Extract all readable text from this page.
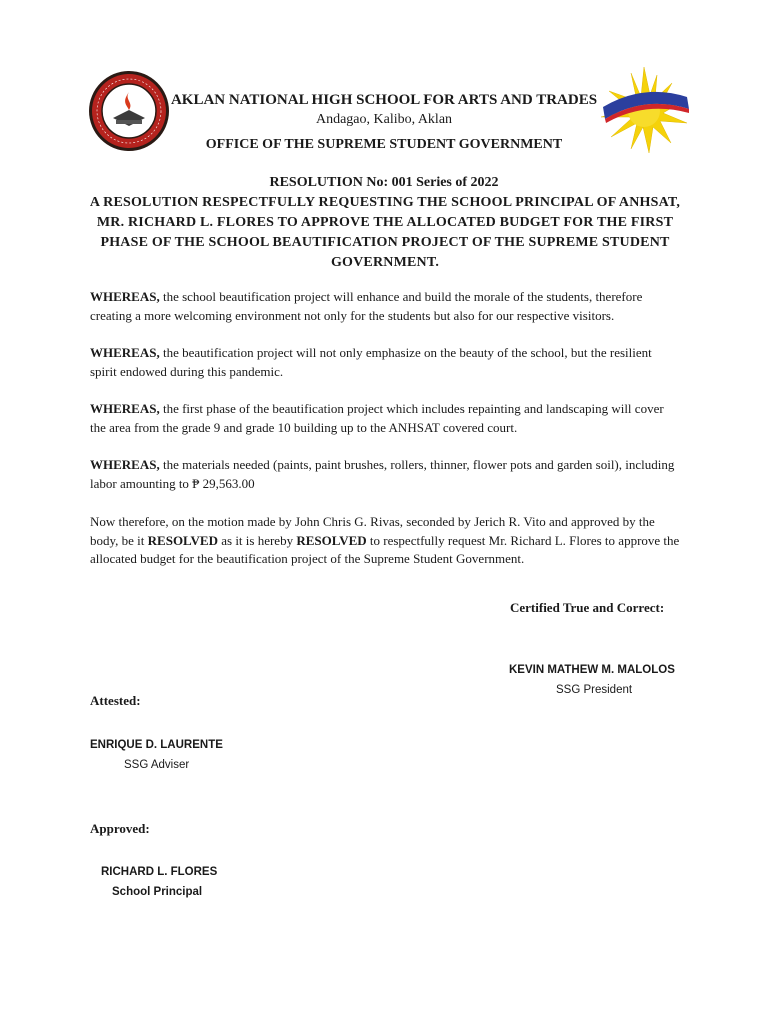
AKLAN NATIONAL HIGH SCHOOL FOR ARTS AND TRADES
Andagao, Kalibo, Aklan
OFFICE OF THE SUPREME STUDENT GOVERNMENT
RESOLUTION No: 001 Series of 2022
A RESOLUTION RESPECTFULLY REQUESTING THE SCHOOL PRINCIPAL OF ANHSAT, MR. RICHARD L. FLORES TO APPROVE THE ALLOCATED BUDGET FOR THE FIRST PHASE OF THE SCHOOL BEAUTIFICATION PROJECT OF THE SUPREME STUDENT GOVERNMENT.
WHEREAS, the school beautification project will enhance and build the morale of the students, therefore creating a more welcoming environment not only for the students but also for our respective visitors.
WHEREAS, the beautification project will not only emphasize on the beauty of the school, but the resilient spirit endowed during this pandemic.
WHEREAS, the first phase of the beautification project which includes repainting and landscaping will cover the area from the grade 9 and grade 10 building up to the ANHSAT covered court.
WHEREAS, the materials needed (paints, paint brushes, rollers, thinner, flower pots and garden soil), including labor amounting to ₱ 29,563.00
Now therefore, on the motion made by John Chris G. Rivas, seconded by Jerich R. Vito and approved by the body, be it RESOLVED as it is hereby RESOLVED to respectfully request Mr. Richard L. Flores to approve the allocated budget for the beautification project of the Supreme Student Government.
Certified True and Correct:
KEVIN MATHEW M. MALOLOS
SSG President
Attested:
ENRIQUE D. LAURENTE
SSG Adviser
Approved:
RICHARD L. FLORES
School Principal
